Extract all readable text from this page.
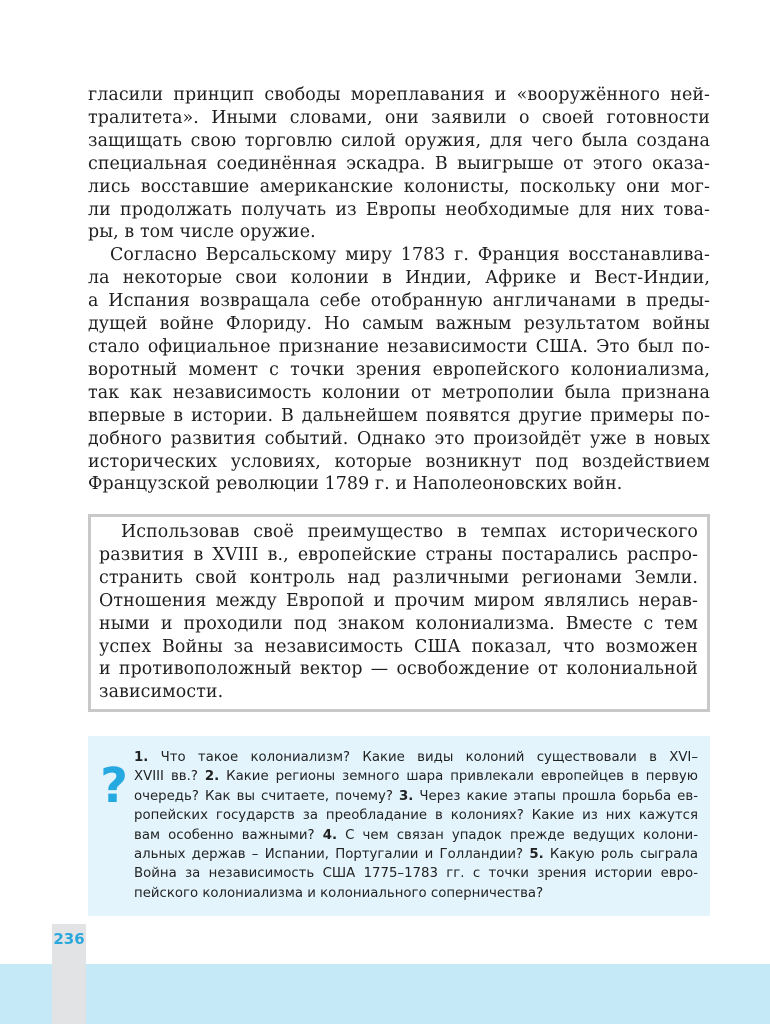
гласили принцип свободы мореплавания и «вооружённого ней-
тралитета». Иными словами, они заявили о своей готовности
защищать свою торговлю силой оружия, для чего была создана
специальная соединённая эскадра. В выигрыше от этого оказа-
лись восставшие американские колонисты, поскольку они мог-
ли продолжать получать из Европы необходимые для них това-
ры, в том числе оружие.
Согласно Версальскому миру 1783 г. Франция восстанавлива-
ла некоторые свои колонии в Индии, Африке и Вест-Индии,
а Испания возвращала себе отобранную англичанами в преды-
дущей войне Флориду. Но самым важным результатом войны
стало официальное признание независимости США. Это был по-
воротный момент с точки зрения европейского колониализма,
так как независимость колонии от метрополии была признана
впервые в истории. В дальнейшем появятся другие примеры по-
добного развития событий. Однако это произойдёт уже в новых
исторических условиях, которые возникнут под воздействием
Французской революции 1789 г. и Наполеоновских войн.
Использовав своё преимущество в темпах исторического
развития в XVIII в., европейские страны постарались распро-
странить свой контроль над различными регионами Земли.
Отношения между Европой и прочим миром являлись нерав-
ными и проходили под знаком колониализма. Вместе с тем
успех Войны за независимость США показал, что возможен
и противоположный вектор — освобождение от колониальной
зависимости.
?
1. Что такое колониализм? Какие виды колоний существовали в XVI–
XVIII вв.? 2. Какие регионы земного шара привлекали европейцев в первую
очередь? Как вы считаете, почему? 3. Через какие этапы прошла борьба ев-
ропейских государств за преобладание в колониях? Какие из них кажутся
вам особенно важными? 4. С чем связан упадок прежде ведущих колони-
альных держав – Испании, Португалии и Голландии? 5. Какую роль сыграла
Война за независимость США 1775–1783 гг. с точки зрения истории евро-
пейского колониализма и колониального соперничества?
236
